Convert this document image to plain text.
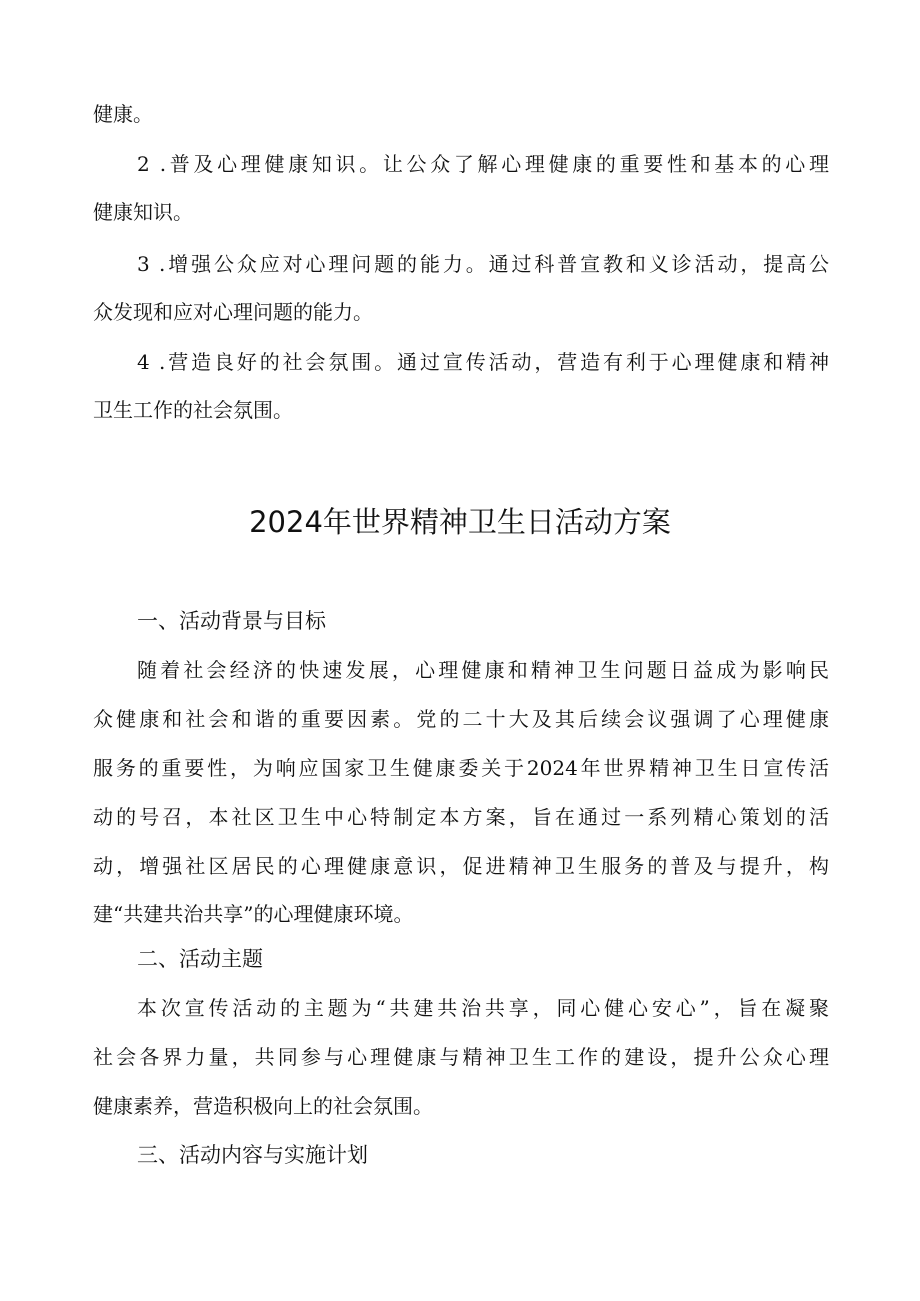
健康。
2 .普及心理健康知识。让公众了解心理健康的重要性和基本的心理
健康知识。
3 .增强公众应对心理问题的能力。通过科普宣教和义诊活动，提高公
众发现和应对心理问题的能力。
4 .营造良好的社会氛围。通过宣传活动，营造有利于心理健康和精神
卫生工作的社会氛围。
2024年世界精神卫生日活动方案
一、活动背景与目标
随着社会经济的快速发展，心理健康和精神卫生问题日益成为影响民
众健康和社会和谐的重要因素。党的二十大及其后续会议强调了心理健康
服务的重要性，为响应国家卫生健康委关于2024年世界精神卫生日宣传活
动的号召，本社区卫生中心特制定本方案，旨在通过一系列精心策划的活
动，增强社区居民的心理健康意识，促进精神卫生服务的普及与提升，构
建“共建共治共享”的心理健康环境。
二、活动主题
本次宣传活动的主题为“共建共治共享，同心健心安心”，旨在凝聚
社会各界力量，共同参与心理健康与精神卫生工作的建设，提升公众心理
健康素养，营造积极向上的社会氛围。
三、活动内容与实施计划
